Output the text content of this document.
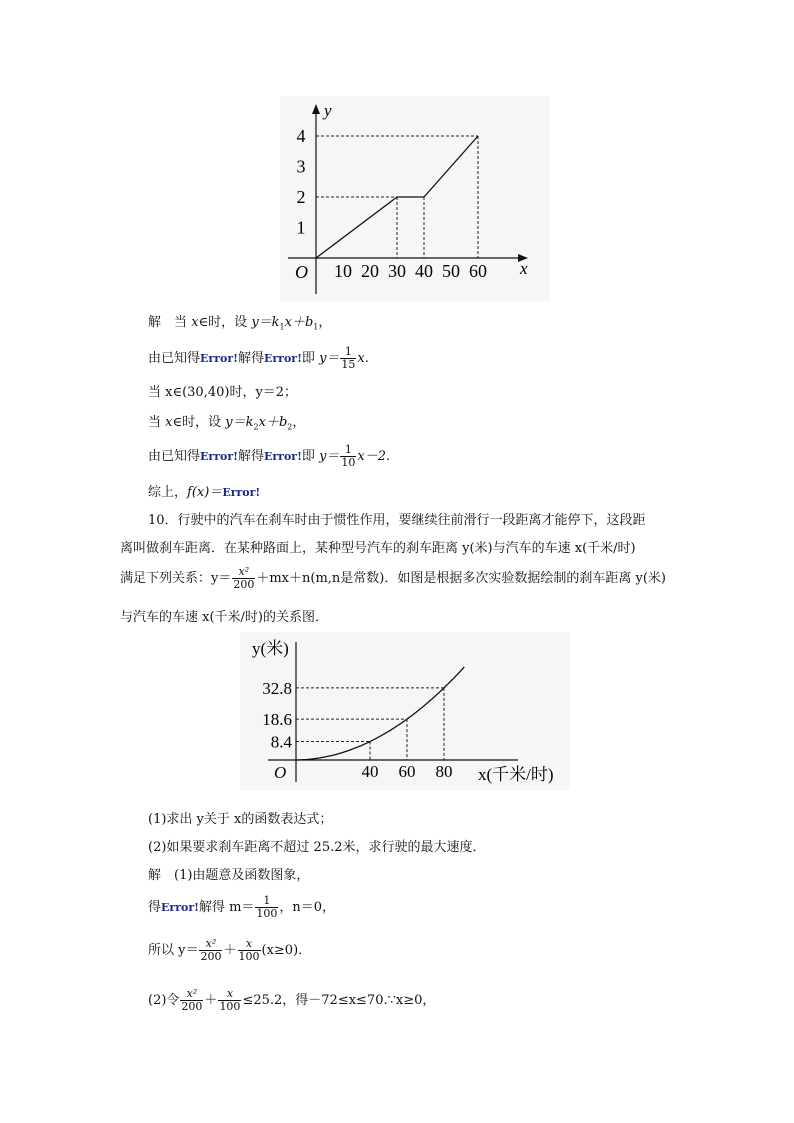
y
x
O
1
2
3
4
10 20 30 40 50 60
解　 当 x∈时，设 $y=k_1x+b_1$，
由已知得Error!解得Error!即 $y= \frac{1}{15} x$.
当 x∈(30,40)时，y＝2；
当 x∈时，设 $y=k_2x+b_2$，
由已知得Error!解得Error!即 $y= \frac{1}{10} x-2$.
综上，f(x)＝Error!
10．行驶中的汽车在刹车时由于惯性作用，要继续往前滑行一段距离才能停下，这段距
离叫做刹车距离．在某种路面上，某种型号汽车的刹车距离 y(米)与汽车的车速 x(千米/时)
满足下列关系：$y= \frac{\text{x²}}{200} +mx+n(m,n$是常数)．如图是根据多次实验数据绘制的刹车距离 y(米)
与汽车的车速 x(千米/时)的关系图．
y(米)
x(千米/时)
O
8.4
18.6
32.8
40 60 80
(1)求出 y关于 x的函数表达式；
(2)如果要求刹车距离不超过 25.2米，求行驶的最大速度．
解　(1)由题意及函数图象，
得Error!解得 $m= \frac{1}{100}$ ，n＝0，
所以 $y= \frac{\text{x²}}{200} + \frac{x}{100} (x\ge 0)$．
(2)令 $\frac{\text{x²}}{200} + \frac{x}{100} \le 25.2$，得－72≤x≤70.∵x≥0，
